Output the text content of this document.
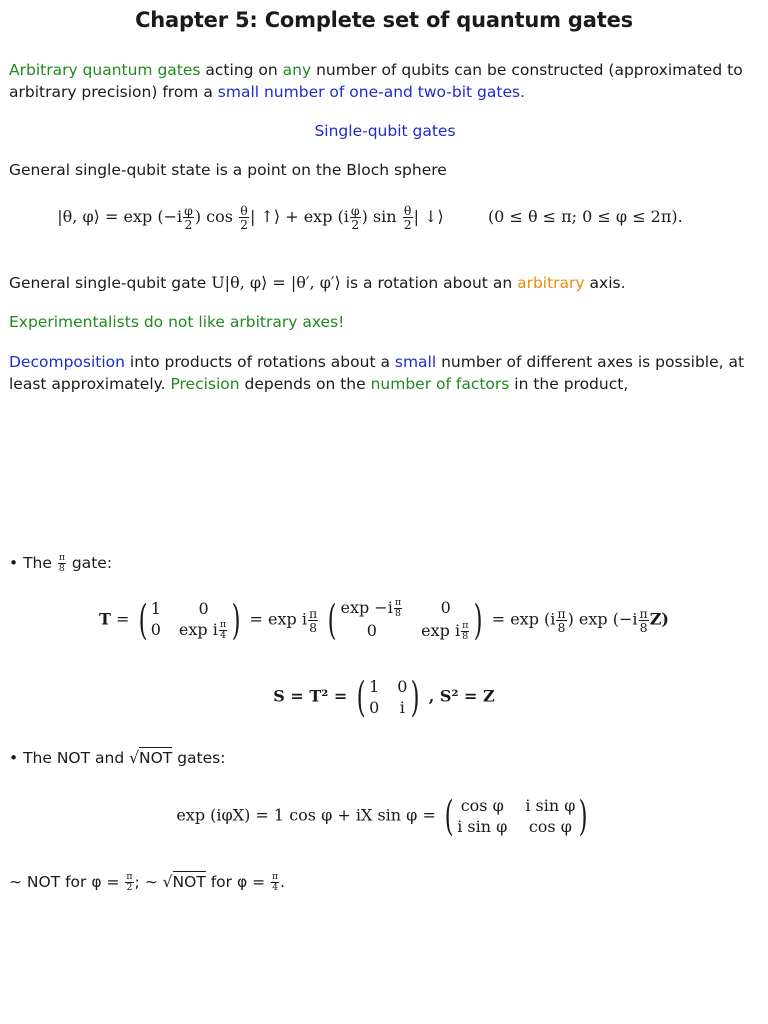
Chapter 5: Complete set of quantum gates
Arbitrary quantum gates acting on any number of qubits can be constructed (approximated to arbitrary precision) from a small number of one-and two-bit gates.
Single-qubit gates
General single-qubit state is a point on the Bloch sphere
|θ, φ⟩ = $\exp (-i \frac{\varphi}{2}$ ) $\cos \frac{\theta}{2}$ | ↑⟩ + $\exp (i \frac{\varphi}{2}$ ) $\sin \frac{\theta}{2}$ | ↓⟩	(0 ≤ θ ≤ π; 0 ≤ φ ≤ 2π).
General single-qubit gate U|θ, φ⟩ = |θ′, φ′⟩ is a rotation about an arbitrary axis.
Experimentalists do not like arbitrary axes!
Decomposition into products of rotations about a small number of different axes is possible, at least approximately. Precision depends on the number of factors in the product,
• The $\frac{\pi}{8}$ gate:
T = ( 1	0
0 exp i $\frac{\pi}{4}$ ) = exp i $\frac{\pi}{8}$
( $\exp -i \frac{\pi}{8}$	0
0	exp i $\frac{\pi}{8}$ ) = $\exp (i \frac{\pi}{8}$ ) $\exp (-i \frac{\pi}{8} Z)$
S = T² = ( 1 0
0 i ) , S² = Z
• The NOT and √NOT gates:
exp (iφX) = 1 cos φ + iX sin φ = ( cos φ i sin φ
i sin φ cos φ )
∼ NOT for $\varphi = \frac{\pi}{2}$ ; ∼ √NOT for $\varphi = \frac{\pi}{4}$ .
